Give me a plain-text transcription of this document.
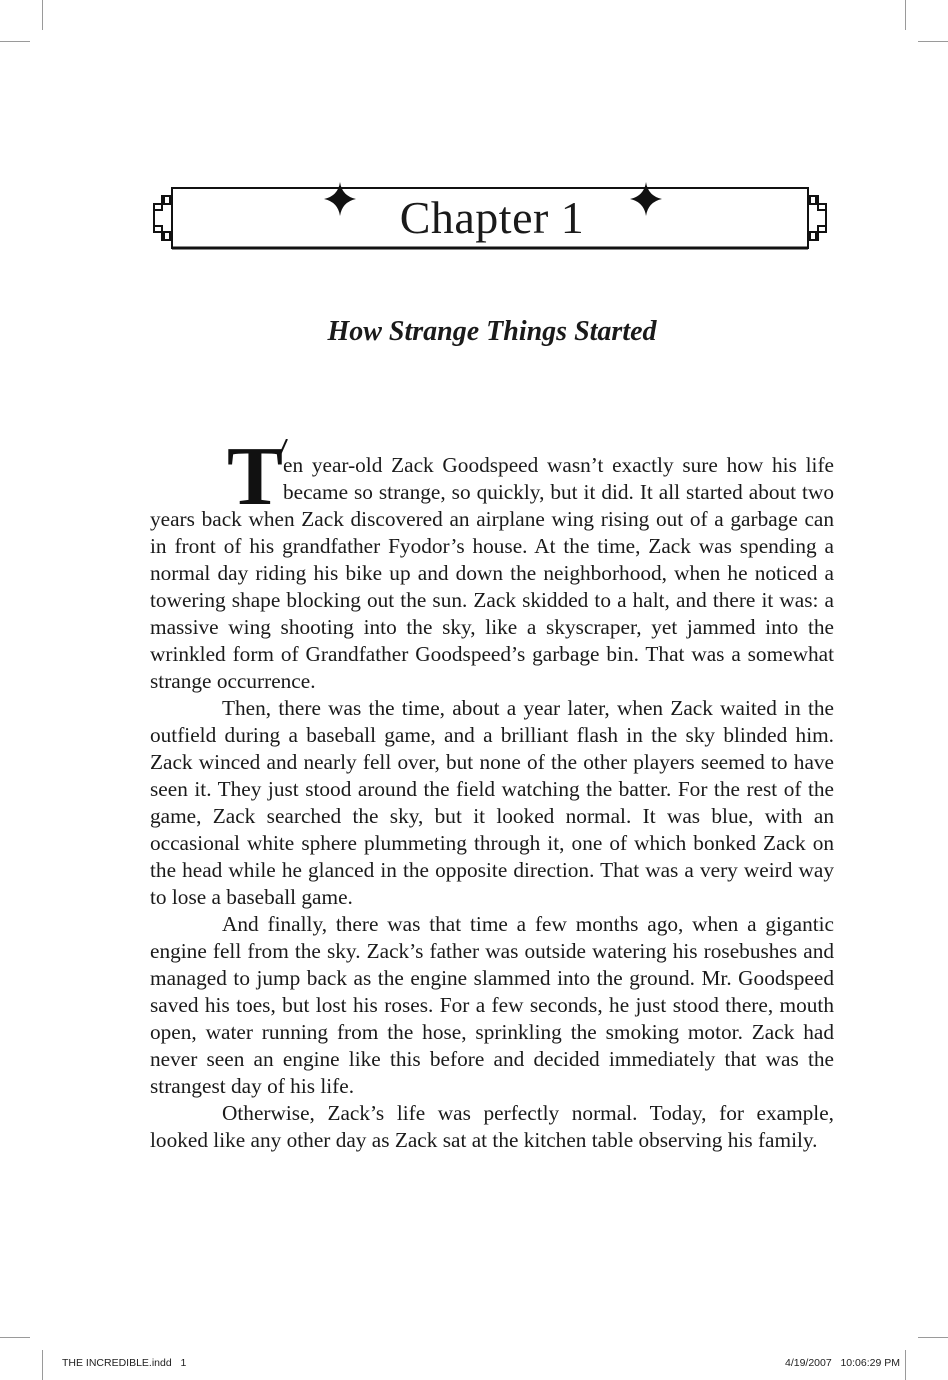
Chapter 1
How Strange Things Started

T en year-old Zack Goodspeed wasn’t exactly sure how his life became so strange, so quickly, but it did. It all started about two years back when Zack discovered an airplane wing rising out of a garbage can in front of his grandfather Fyodor’s house. At the time, Zack was spending a normal day riding his bike up and down the neighborhood, when he noticed a towering shape blocking out the sun. Zack skidded to a halt, and there it was: a massive wing shooting into the sky, like a skyscraper, yet jammed into the wrinkled form of Grandfather Goodspeed’s garbage bin. That was a somewhat strange occurrence.

Then, there was the time, about a year later, when Zack waited in the outfield during a baseball game, and a brilliant flash in the sky blinded him. Zack winced and nearly fell over, but none of the other players seemed to have seen it. They just stood around the field watching the batter. For the rest of the game, Zack searched the sky, but it looked normal. It was blue, with an occasional white sphere plummeting through it, one of which bonked Zack on the head while he glanced in the opposite direction. That was a very weird way to lose a baseball game.

And finally, there was that time a few months ago, when a gigantic engine fell from the sky. Zack’s father was outside watering his rosebushes and managed to jump back as the engine slammed into the ground. Mr. Goodspeed saved his toes, but lost his roses. For a few seconds, he just stood there, mouth open, water running from the hose, sprinkling the smoking motor. Zack had never seen an engine like this before and decided immediately that was the strangest day of his life.

Otherwise, Zack’s life was perfectly normal. Today, for example, looked like any other day as Zack sat at the kitchen table observing his family.

THE INCREDIBLE.indd   1	4/19/2007   10:06:29 PM
